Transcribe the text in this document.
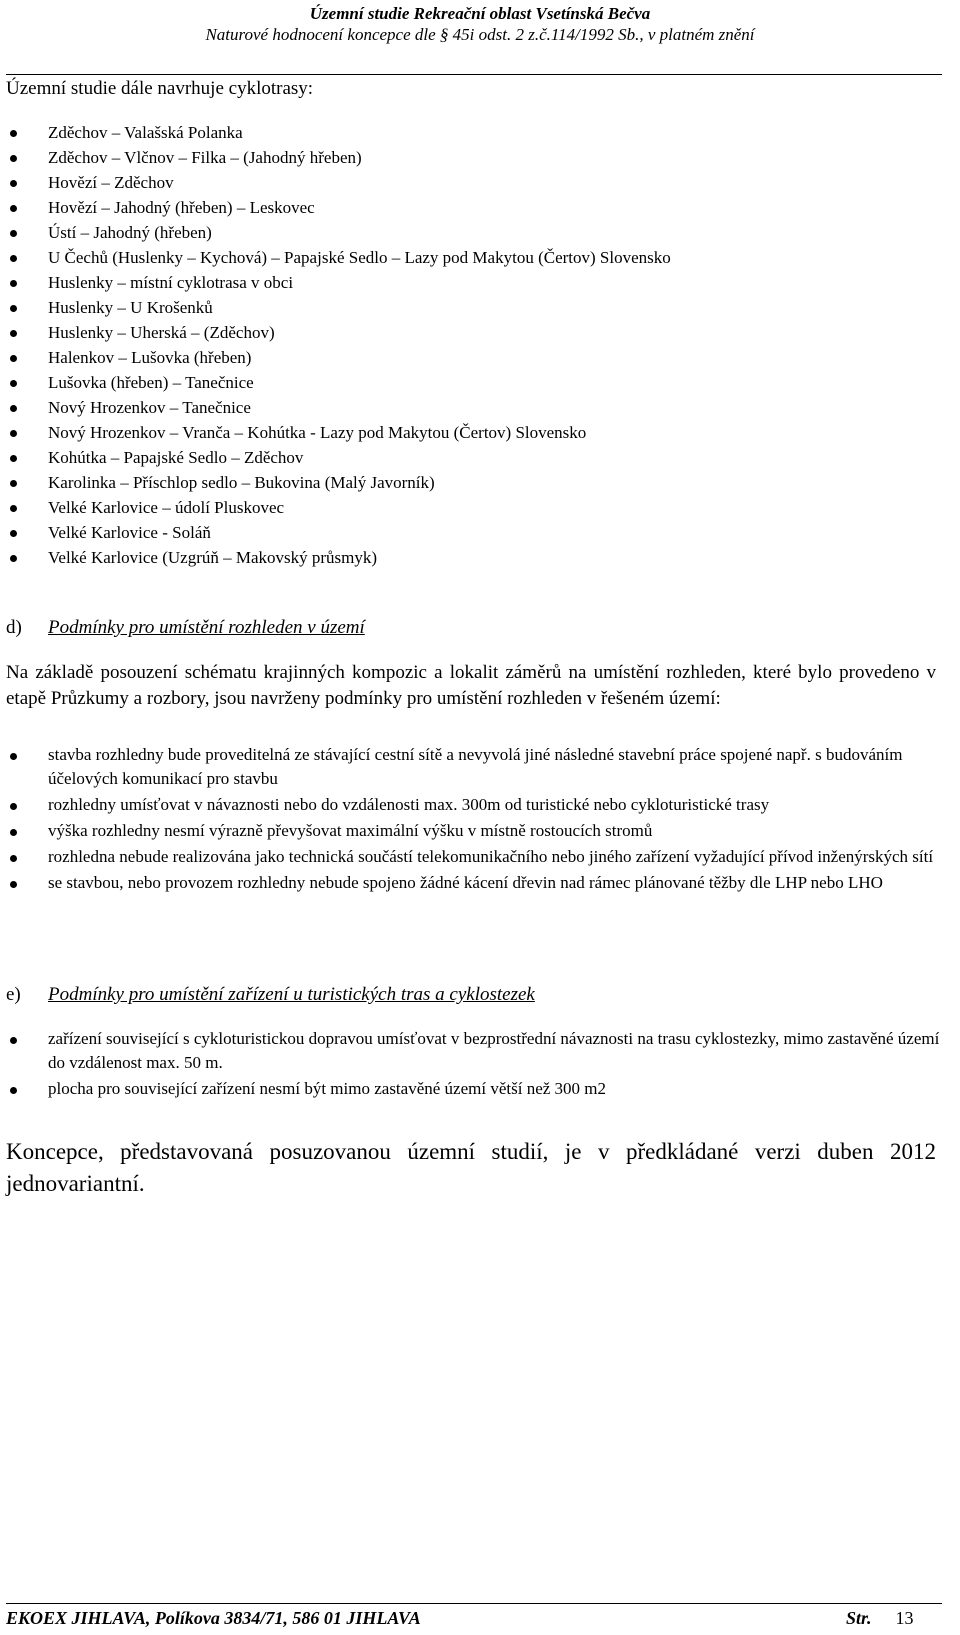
Územní studie Rekreační oblast Vsetínská Bečva
Naturové hodnocení koncepce dle § 45i odst. 2 z.č.114/1992 Sb., v platném znění
Územní studie dále navrhuje cyklotrasy:
Zděchov – Valašská Polanka
Zděchov – Vlčnov – Filka – (Jahodný hřeben)
Hovězí – Zděchov
Hovězí – Jahodný (hřeben) – Leskovec
Ústí – Jahodný (hřeben)
U Čechů (Huslenky – Kychová) – Papajské Sedlo – Lazy pod Makytou (Čertov) Slovensko
Huslenky – místní cyklotrasa v obci
Huslenky – U Krošenků
Huslenky – Uherská – (Zděchov)
Halenkov – Lušovka (hřeben)
Lušovka (hřeben) – Tanečnice
Nový Hrozenkov – Tanečnice
Nový Hrozenkov – Vranča – Kohútka - Lazy pod Makytou (Čertov) Slovensko
Kohútka – Papajské Sedlo – Zděchov
Karolinka – Příschlop sedlo – Bukovina (Malý Javorník)
Velké Karlovice – údolí Pluskovec
Velké Karlovice - Soláň
Velké Karlovice (Uzgrúň – Makovský průsmyk)
d) Podmínky pro umístění rozhleden v území
Na základě posouzení schématu krajinných kompozic a lokalit záměrů na umístění rozhleden, které bylo provedeno v etapě Průzkumy a rozbory, jsou navrženy podmínky pro umístění rozhleden v řešeném území:
stavba rozhledny bude proveditelná ze stávající cestní sítě a nevyvolá jiné následné stavební práce spojené např. s budováním účelových komunikací pro stavbu
rozhledny umísťovat v návaznosti nebo do vzdálenosti max. 300m od turistické nebo cykloturistické trasy
výška rozhledny nesmí výrazně převyšovat maximální výšku v místně rostoucích stromů
rozhledna nebude realizována jako technická součástí telekomunikačního nebo jiného zařízení vyžadující přívod inženýrských sítí
se stavbou, nebo provozem rozhledny nebude spojeno žádné kácení dřevin nad rámec plánované těžby dle LHP nebo LHO
e) Podmínky pro umístění zařízení u turistických tras a cyklostezek
zařízení související s cykloturistickou dopravou umísťovat v bezprostřední návaznosti na trasu cyklostezky, mimo zastavěné území do vzdálenost max. 50 m.
plocha pro související zařízení nesmí být mimo zastavěné území větší než 300 m2
Koncepce, představovaná posuzovanou územní studií, je v předkládané verzi duben 2012 jednovariantní.
EKOEX JIHLAVA, Políkova 3834/71, 586 01 JIHLAVA	Str. 13
